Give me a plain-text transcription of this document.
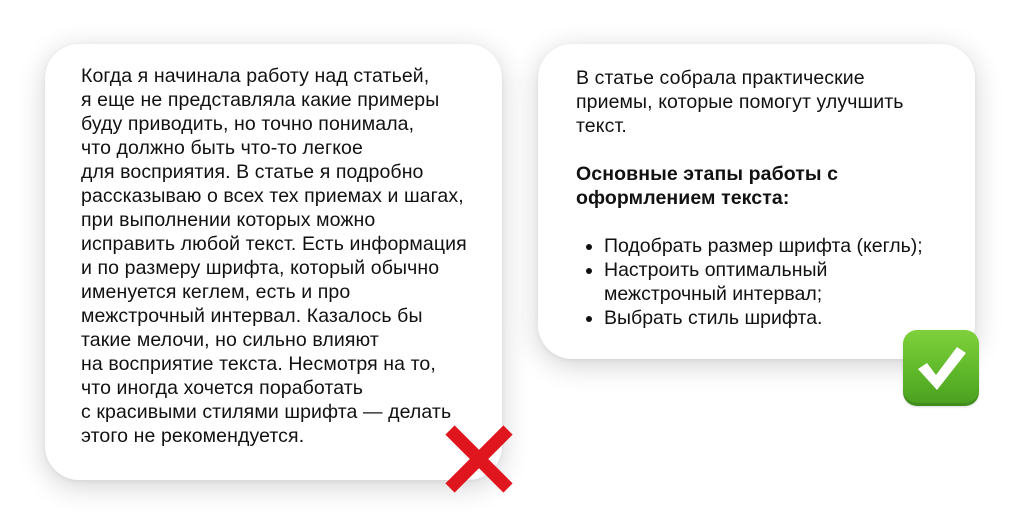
Когда я начинала работу над статьей,
я еще не представляла какие примеры
буду приводить, но точно понимала,
что должно быть что-то легкое
для восприятия. В статье я подробно
рассказываю о всех тех приемах и шагах,
при выполнении которых можно
исправить любой текст. Есть информация
и по размеру шрифта, который обычно
именуется кеглем, есть и про
межстрочный интервал. Казалось бы
такие мелочи, но сильно влияют
на восприятие текста. Несмотря на то,
что иногда хочется поработать
с красивыми стилями шрифта — делать
этого не рекомендуется.
В статье собрала практические
приемы, которые помогут улучшить
текст.
Основные этапы работы с
оформлением текста:
Подобрать размер шрифта (кегль);
Настроить оптимальный
межстрочный интервал;
Выбрать стиль шрифта.
